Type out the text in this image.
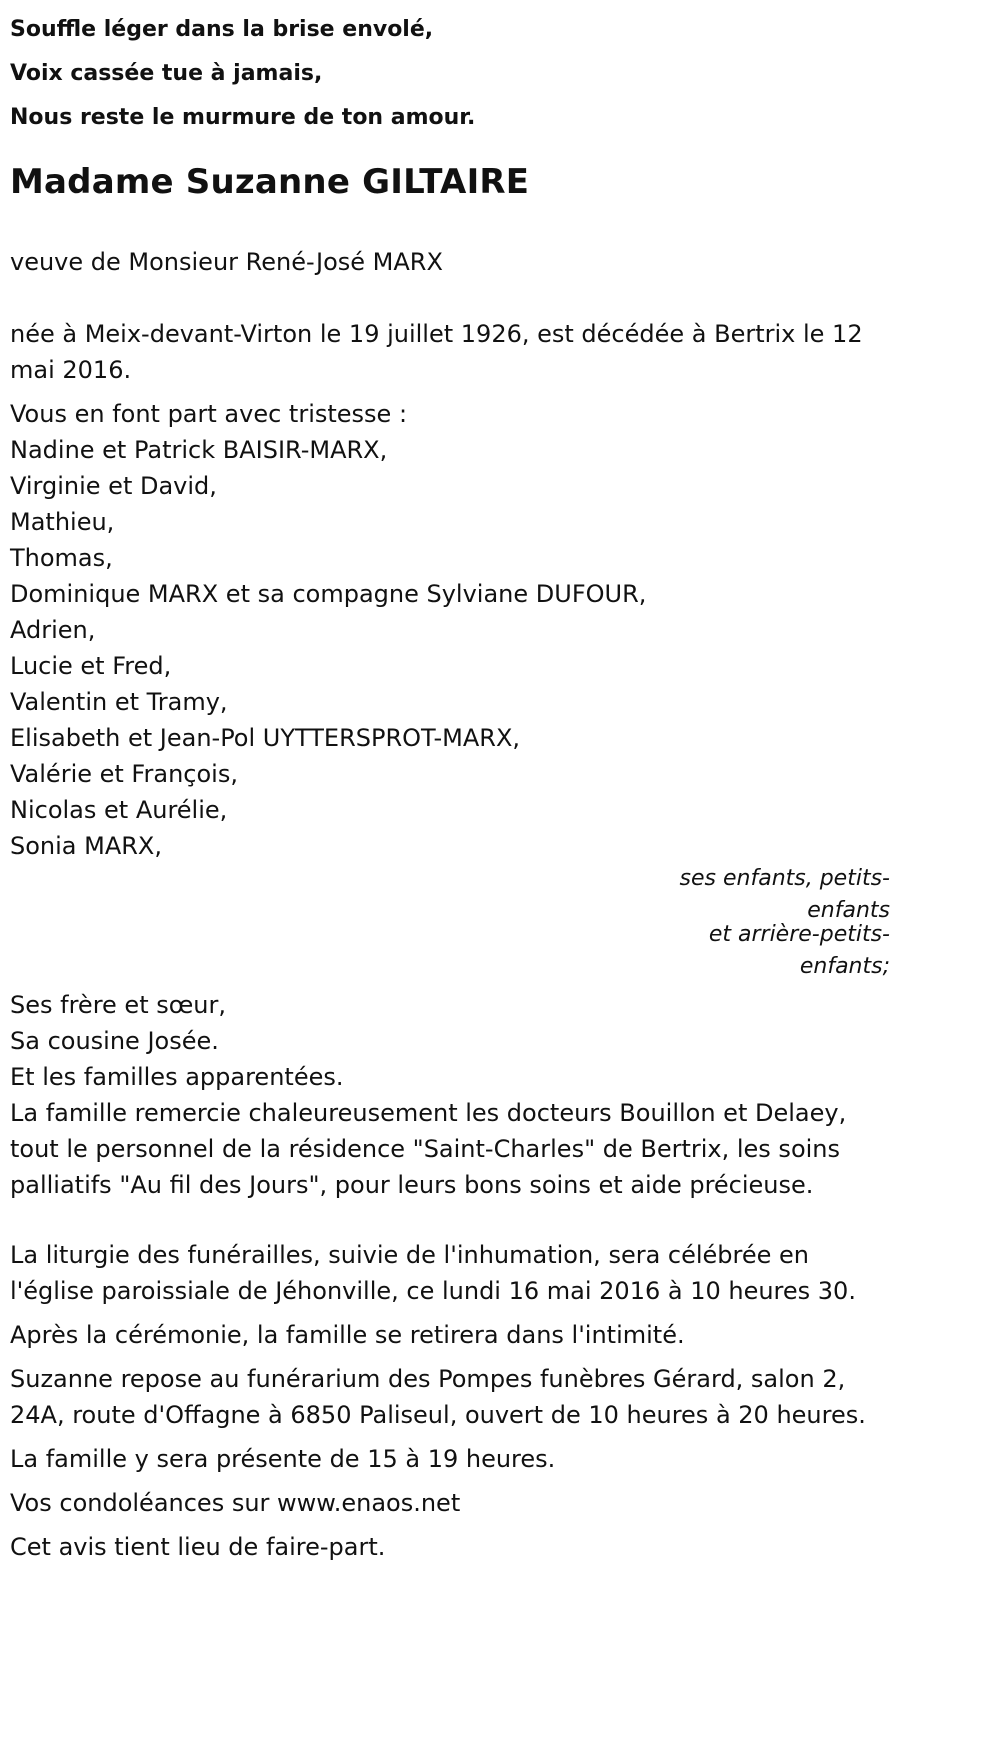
Souffle léger dans la brise envolé,
Voix cassée tue à jamais,
Nous reste le murmure de ton amour.
Madame Suzanne GILTAIRE
veuve de Monsieur René-José MARX
née à Meix-devant-Virton le 19 juillet 1926, est décédée à Bertrix le 12 mai 2016.
Vous en font part avec tristesse :
Nadine et Patrick BAISIR-MARX,
Virginie et David,
Mathieu,
Thomas,
Dominique MARX et sa compagne Sylviane DUFOUR,
Adrien,
Lucie et Fred,
Valentin et Tramy,
Elisabeth et Jean-Pol UYTTERSPROT-MARX,
Valérie et François,
Nicolas et Aurélie,
Sonia MARX,
ses enfants, petits-enfants
et arrière-petits-enfants;
Ses frère et sœur,
Sa cousine Josée.
Et les familles apparentées.
La famille remercie chaleureusement les docteurs Bouillon et Delaey, tout le personnel de la résidence "Saint-Charles" de Bertrix, les soins palliatifs "Au fil des Jours", pour leurs bons soins et aide précieuse.
La liturgie des funérailles, suivie de l'inhumation, sera célébrée en l'église paroissiale de Jéhonville, ce lundi 16 mai 2016 à 10 heures 30.
Après la cérémonie, la famille se retirera dans l'intimité.
Suzanne repose au funérarium des Pompes funèbres Gérard, salon 2, 24A, route d'Offagne à 6850 Paliseul, ouvert de 10 heures à 20 heures.
La famille y sera présente de 15 à 19 heures.
Vos condoléances sur www.enaos.net
Cet avis tient lieu de faire-part.
